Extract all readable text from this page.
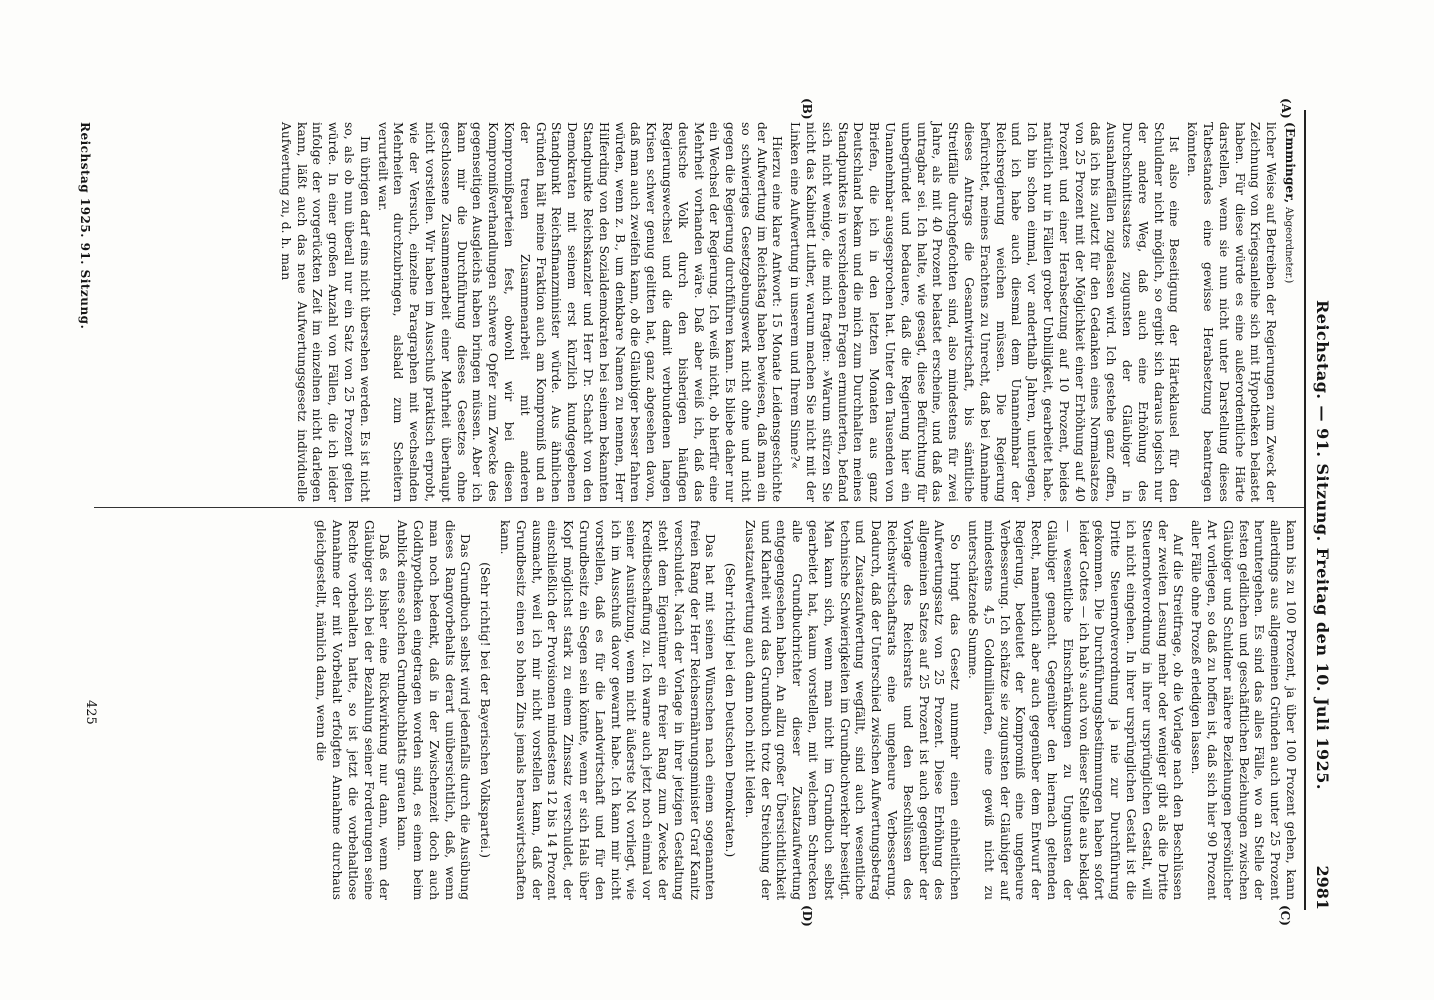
Reichstag. — 91. Sitzung. Freitag den 10. Juli 1925.
2981
(A)
(B)
(C)
(D)

(Emminger, Abgeordneter.)

licher Weise auf Betreiben der Regierungen zum Zweck der Zeichnung von Kriegsanleihe sich mit Hypotheken belastet haben. Für diese würde es eine außerordentliche Härte darstellen, wenn sie nun nicht unter Darstellung dieses Tatbestandes eine gewisse Herabsetzung beantragen könnten.

Ist also eine Beseitigung der Härteklausel für den Schuldner nicht möglich, so ergibt sich daraus logisch nur der andere Weg, daß auch eine Erhöhung des Durchschnittssatzes zugunsten der Gläubiger in Ausnahmefällen zugelassen wird. Ich gestehe ganz offen, daß ich bis zuletzt für den Gedanken eines Normalsatzes von 25 Prozent mit der Möglichkeit einer Erhöhung auf 40 Prozent und einer Herabsetzung auf 10 Prozent, beides natürlich nur in Fällen grober Unbilligkeit, gearbeitet habe. Ich bin schon einmal, vor anderthalb Jahren, unterlegen, und ich habe auch diesmal dem Unannehmbar der Reichsregierung weichen müssen. Die Regierung befürchtet, meines Erachtens zu Unrecht, daß bei Annahme dieses Antrags die Gesamtwirtschaft, bis sämtliche Streitfälle durchgefochten sind, also mindestens für zwei Jahre, als mit 40 Prozent belastet erscheine, und daß das untragbar sei. Ich halte, wie gesagt, diese Befürchtung für unbegründet und bedauere, daß die Regierung hier ein Unannehmbar ausgesprochen hat. Unter den Tausenden von Briefen, die ich in den letzten Monaten aus ganz Deutschland bekam und die mich zum Durchhalten meines Standpunktes in verschiedenen Fragen ermunterten, befand sich nicht wenige, die mich fragten: »Warum stürzen Sie nicht das Kabinett Luther, warum machen Sie nicht mit der Linken eine Aufwertung in unserem und Ihrem Sinne?«

Hierzu eine klare Antwort: 15 Monate Leidensgeschichte der Aufwertung im Reichstag haben bewiesen, daß man ein so schwieriges Gesetzgebungswerk nicht ohne und nicht gegen die Regierung durchführen kann. Es bliebe daher nur ein Wechsel der Regierung. Ich weiß nicht, ob hierfür eine Mehrheit vorhanden wäre. Daß aber weiß ich, daß das deutsche Volk durch den bisherigen häufigen Regierungswechsel und die damit verbundenen langen Krisen schwer genug gelitten hat, ganz abgesehen davon, daß man auch zweifeln kann, ob die Gläubiger besser fahren würden, wenn z. B., um denkbare Namen zu nennen, Herr Hilferding von den Sozialdemokraten bei seinem bekannten Standpunkte Reichskanzler und Herr Dr. Schacht von den Demokraten mit seinem erst kürzlich kundgegebenen Standpunkt Reichsfinanzminister würde. Aus ähnlichen Gründen hält meine Fraktion auch am Kompromiß und an der treuen Zusammenarbeit mit anderen Kompromißparteien fest, obwohl wir bei diesen Kompromißverhandlungen schwere Opfer zum Zwecke des gegenseitigen Ausgleichs haben bringen müssen. Aber ich kann mir die Durchführung dieses Gesetzes ohne geschlossene Zusammenarbeit einer Mehrheit überhaupt nicht vorstellen. Wir haben im Ausschuß praktisch erprobt, wie der Versuch, einzelne Paragraphen mit wechselnden Mehrheiten durchzubringen, alsbald zum Scheitern verurteilt war.

Im übrigen darf eins nicht übersehen werden. Es ist nicht so, als ob nun überall nur ein Satz von 25 Prozent gelten würde. In einer großen Anzahl von Fällen, die ich leider infolge der vorgerückten Zeit im einzelnen nicht darlegen kann, läßt auch das neue Aufwertungsgesetz individuelle Aufwertung zu, d. h. man

kann bis zu 100 Prozent, ja über 100 Prozent gehen, kann allerdings aus allgemeinen Gründen auch unter 25 Prozent heruntergehen. Es sind das alles Fälle, wo an Stelle der festen geldlichen und geschäftlichen Beziehungen zwischen Gläubiger und Schuldner nähere Beziehungen persönlicher Art vorliegen, so daß zu hoffen ist, daß sich hier 90 Prozent aller Fälle ohne Prozeß erledigen lassen.

Auf die Streitfrage, ob die Vorlage nach den Beschlüssen der zweiten Lesung mehr oder weniger gibt als die Dritte Steuernotverordnung in ihrer ursprünglichen Gestalt, will ich nicht eingehen. In ihrer ursprünglichen Gestalt ist die Dritte Steuernotverordnung ja nie zur Durchführung gekommen. Die Durchführungsbestimmungen haben sofort leider Gottes — ich hab's auch von dieser Stelle aus beklagt — wesentliche Einschränkungen zu Ungunsten der Gläubiger gemacht. Gegenüber den hiernach geltenden Recht, namentlich aber auch gegenüber dem Entwurf der Regierung, bedeutet der Kompromiß eine ungeheure Verbesserung. Ich schätze sie zugunsten der Gläubiger auf mindestens 4,5 Goldmilliarden, eine gewiß nicht zu unterschätzende Summe.

So bringt das Gesetz nunmehr einen einheitlichen Aufwertungssatz von 25 Prozent. Diese Erhöhung des allgemeinen Satzes auf 25 Prozent ist auch gegenüber der Vorlage des Reichsrats und den Beschlüssen des Reichswirtschaftsrats eine ungeheure Verbesserung. Dadurch, daß der Unterschied zwischen Aufwertungsbetrag und Zusatzaufwertung wegfällt, sind auch wesentliche technische Schwierigkeiten im Grundbuchverkehr beseitigt. Man kann sich, wenn man nicht im Grundbuch selbst gearbeitet hat, kaum vorstellen, mit welchem Schrecken alle Grundbuchrichter dieser Zusatzaufwertung entgegengesehen haben. An allzu großer Übersichtlichkeit und Klarheit wird das Grundbuch trotz der Streichung der Zusatzaufwertung auch dann noch nicht leiden.

(Sehr richtig! bei den Deutschen Demokraten.)

Das hat mit seinen Wünschen nach einem sogenannten freien Rang der Herr Reichsernährungsminister Graf Kanitz verschuldet. Nach der Vorlage in ihrer jetzigen Gestaltung steht dem Eigentümer ein freier Rang zum Zwecke der Kreditbeschaffung zu. Ich warne auch jetzt noch einmal vor seiner Ausnützung, wenn nicht äußerste Not vorliegt, wie ich im Ausschuß davor gewarnt habe. Ich kann mir nicht vorstellen, daß es für die Landwirtschaft und für den Grundbesitz ein Segen sein könnte, wenn er sich Hals über Kopf möglichst stark zu einem Zinssatz verschuldet, der einschließlich der Provisionen mindestens 12 bis 14 Prozent ausmacht, weil ich mir nicht vorstellen kann, daß der Grundbesitz einen so hohen Zins jemals herauswirtschaften kann.

(Sehr richtig! bei der Bayerischen Volkspartei.)

Das Grundbuch selbst wird jedenfalls durch die Ausübung dieses Rangvorbehalts derart unübersichtlich, daß, wenn man noch bedenkt, daß in der Zwischenzeit doch auch Goldhypotheken eingetragen worden sind, es einem beim Anblick eines solchen Grundbuchblatts grauen kann.

Daß es bisher eine Rückwirkung nur dann, wenn der Gläubiger sich bei der Bezahlung seiner Forderungen seine Rechte vorbehalten hatte, so ist jetzt die vorbehaltlose Annahme der mit Vorbehalt erfolgten Annahme durchaus gleichgestellt, nämlich dann, wenn die

Reichstag 1925. 91. Sitzung.
425
